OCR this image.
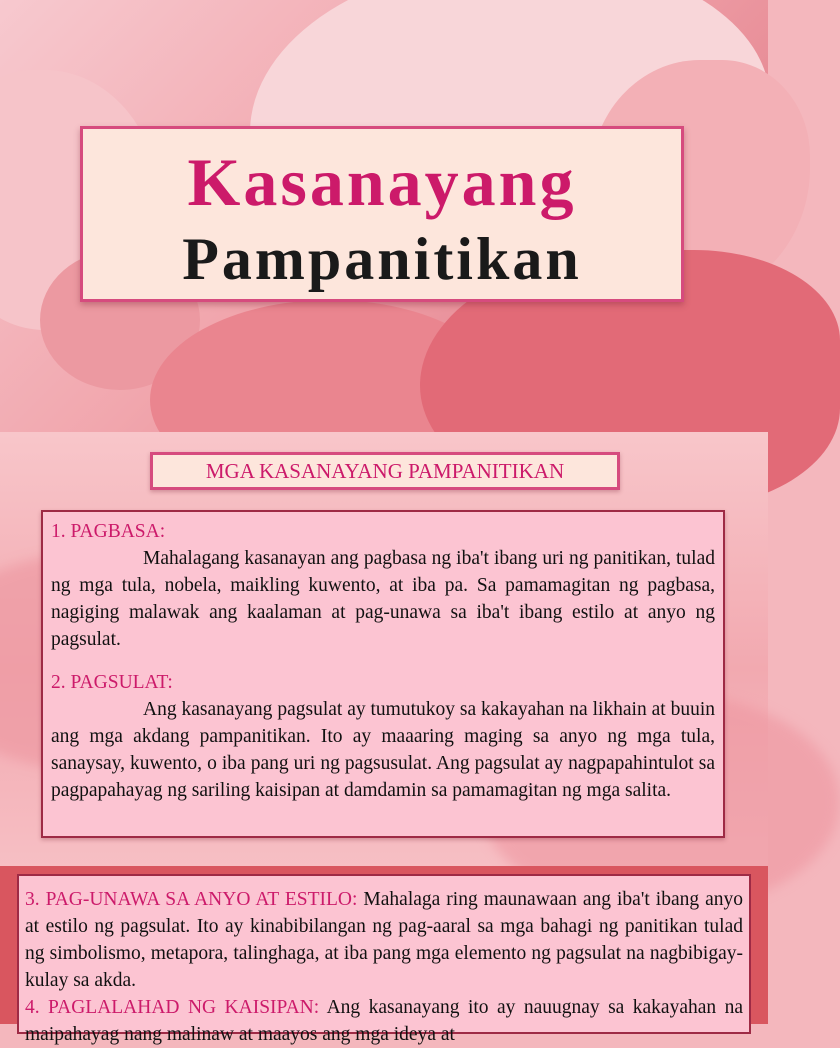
Kasanayang
Pampanitikan
MGA KASANAYANG PAMPANITIKAN
1. PAGBASA:

Mahalagang kasanayan ang pagbasa ng iba't ibang uri ng panitikan, tulad ng mga tula, nobela, maikling kuwento, at iba pa. Sa pamamagitan ng pagbasa, nagiging malawak ang kaalaman at pag-unawa sa iba't ibang estilo at anyo ng pagsulat.

2. PAGSULAT:

Ang kasanayang pagsulat ay tumutukoy sa kakayahan na likhain at buuin ang mga akdang pampanitikan. Ito ay maaaring maging sa anyo ng mga tula, sanaysay, kuwento, o iba pang uri ng pagsusulat. Ang pagsulat ay nagpapahintulot sa pagpapahayag ng sariling kaisipan at damdamin sa pamamagitan ng mga salita.

3. PAG-UNAWA SA ANYO AT ESTILO: Mahalaga ring maunawaan ang iba't ibang anyo at estilo ng pagsulat. Ito ay kinabibilangan ng pag-aaral sa mga bahagi ng panitikan tulad ng simbolismo, metapora, talinghaga, at iba pang mga elemento ng pagsulat na nagbibigay-kulay sa akda.

4. PAGLALAHAD NG KAISIPAN: Ang kasanayang ito ay nauugnay sa kakayahan na maipahayag nang malinaw at maayos ang mga ideya at
